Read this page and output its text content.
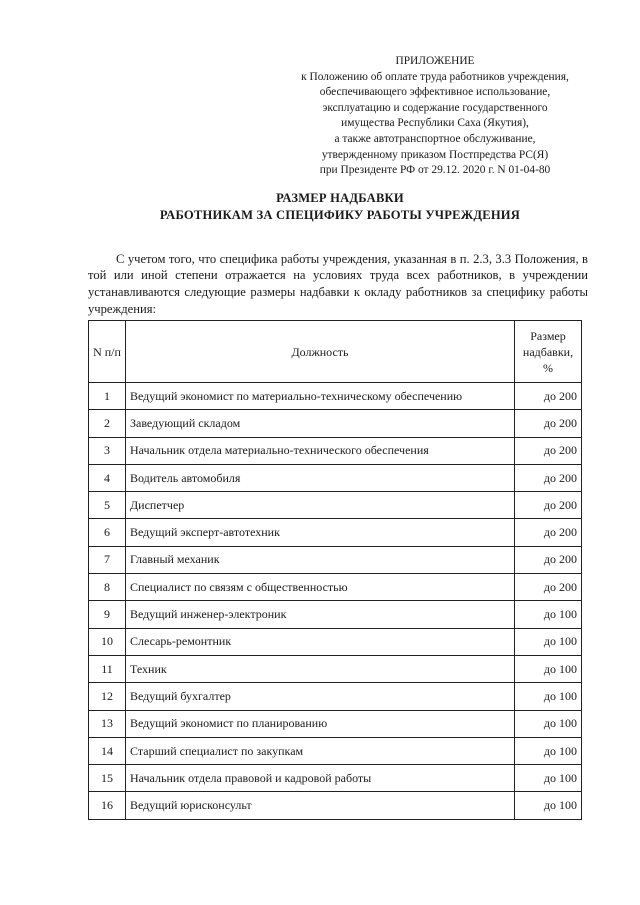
ПРИЛОЖЕНИЕ
к Положению об оплате труда работников учреждения,
обеспечивающего эффективное использование,
эксплуатацию и содержание государственного
имущества Республики Саха (Якутия),
а также автотранспортное обслуживание,
утвержденному приказом Постпредства РС(Я)
при Президенте РФ от 29.12. 2020 г. N 01-04-80
РАЗМЕР НАДБАВКИ
РАБОТНИКАМ ЗА СПЕЦИФИКУ РАБОТЫ УЧРЕЖДЕНИЯ

С учетом того, что специфика работы учреждения, указанная в п. 2.3, 3.3 Положения, в той или иной степени отражается на условиях труда всех работников, в учреждении устанавливаются следующие размеры надбавки к окладу работников за специфику работы учреждения:

N п/п	Должность	Размер надбавки, %
1	Ведущий экономист по материально-техническому обеспечению	до 200
2	Заведующий складом	до 200
3	Начальник отдела материально-технического обеспечения	до 200
4	Водитель автомобиля	до 200
5	Диспетчер	до 200
6	Ведущий эксперт-автотехник	до 200
7	Главный механик	до 200
8	Специалист по связям с общественностью	до 200
9	Ведущий инженер-электроник	до 100
10	Слесарь-ремонтник	до 100
11	Техник	до 100
12	Ведущий бухгалтер	до 100
13	Ведущий экономист по планированию	до 100
14	Старший специалист по закупкам	до 100
15	Начальник отдела правовой и кадровой работы	до 100
16	Ведущий юрисконсульт	до 100
